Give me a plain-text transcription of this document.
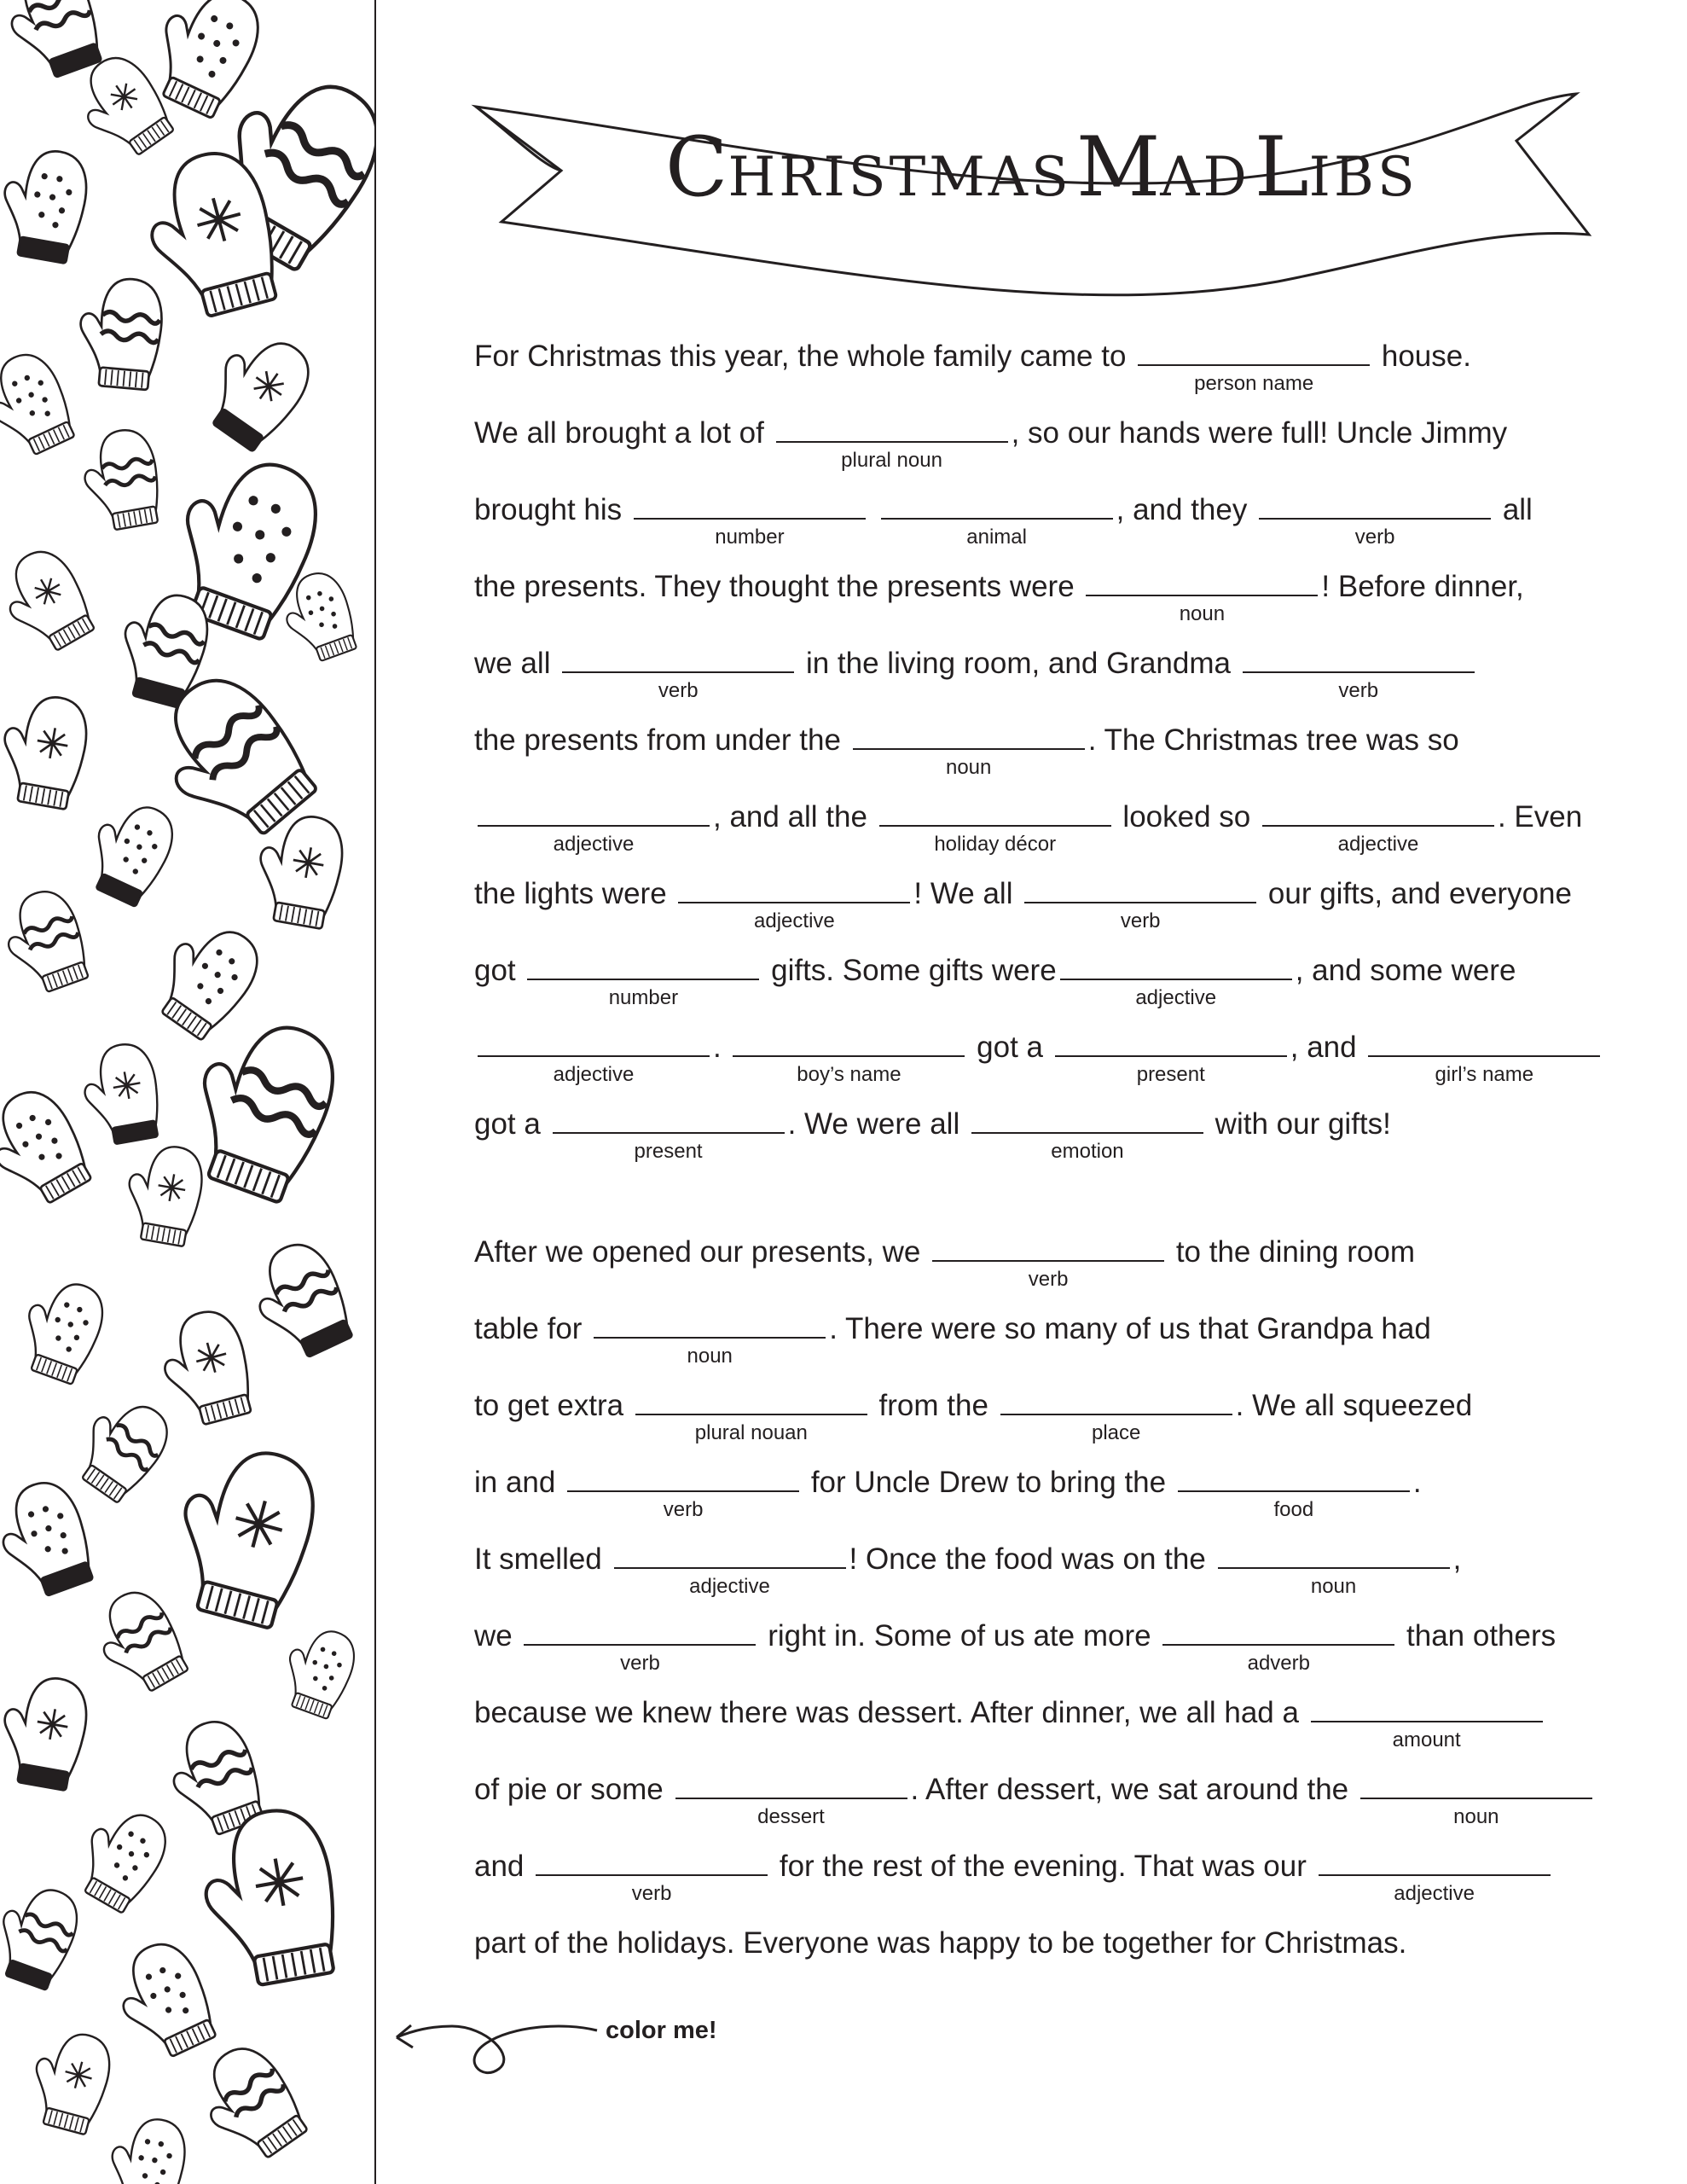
CHRISTMAS MAD LIBS
For Christmas this year, the whole family came to
person name
house.
We all brought a lot of
plural noun
, so our hands were full! Uncle Jimmy
brought his
number
	animal
, and they
verb
all
the presents. They thought the presents were
noun
! Before dinner,
we all
verb
in the living room, and Grandma
verb
the presents from under the
noun
. The Christmas tree was so
adjective
, and all the
holiday décor
looked so
adjective
. Even
the lights were
adjective
! We all
verb
our gifts, and everyone
got
number
gifts. Some gifts were
adjective
, and some were
adjective
.
boy’s name
got a
present
, and
girl’s name
got a
present
. We were all
emotion
with our gifts!
After we opened our presents, we
verb
to the dining room
table for
noun
. There were so many of us that Grandpa had
to get extra
plural nouan
from the
place
. We all squeezed
in and
verb
for Uncle Drew to bring the
food
.
It smelled
adjective
! Once the food was on the
noun
,
we
verb
right in. Some of us ate more
adverb
than others
because we knew there was dessert. After dinner, we all had a
amount
of pie or some
dessert
. After dessert, we sat around the
noun
and
verb
for the rest of the evening. That was our
adjective
part of the holidays. Everyone was happy to be together for Christmas.
color me!
